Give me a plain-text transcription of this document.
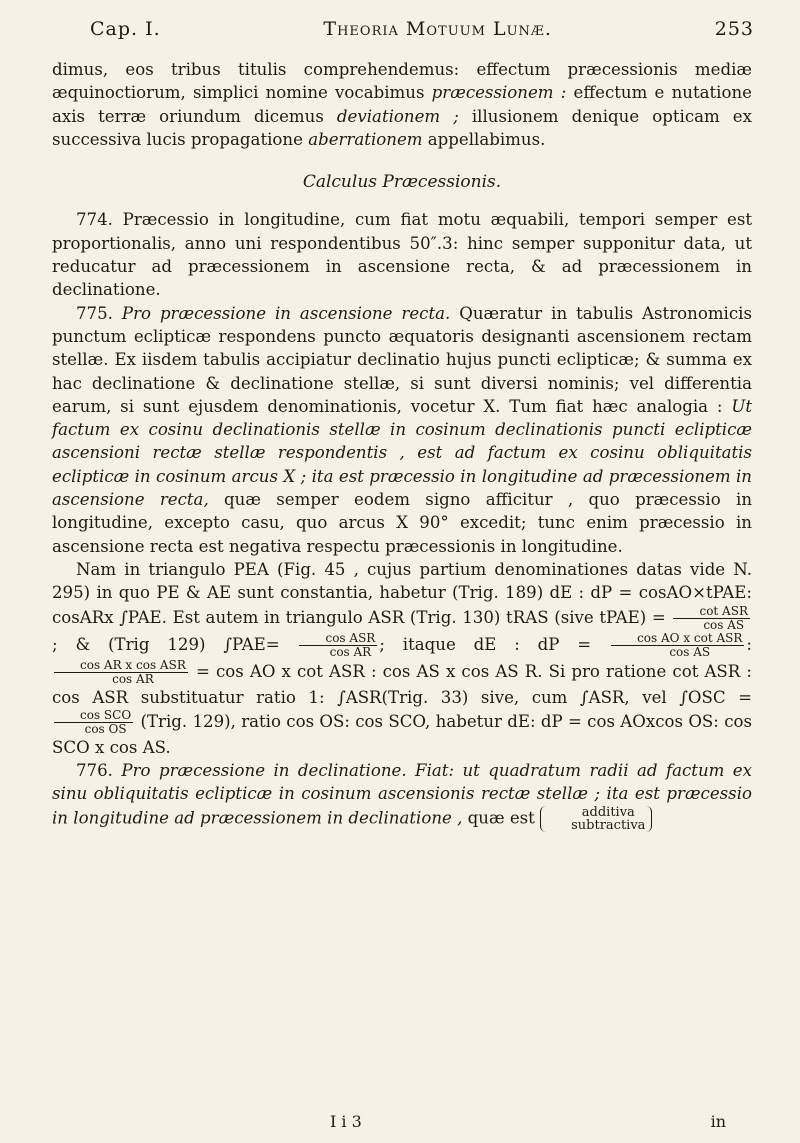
Cap. I.	Theoria Motuum Lunæ.	253

dimus, eos tribus titulis comprehendemus: effectum præcessionis mediæ æquinoctiorum, simplici nomine vocabimus præcessionem : effectum e nutatione axis terræ oriundum dicemus deviationem ; illusionem denique opticam ex successiva lucis propagatione aberrationem appellabimus.

Calculus Præcessionis.

774. Præcessio in longitudine, cum fiat motu æquabili, tempori semper est proportionalis, anno uni respondentibus 50″.3: hinc semper supponitur data, ut reducatur ad præcessionem in ascensione recta, & ad præcessionem in declinatione.

775. Pro præcessione in ascensione recta. Quæratur in tabulis Astronomicis punctum eclipticæ respondens puncto æquatoris designanti ascensionem rectam stellæ. Ex iisdem tabulis accipiatur declinatio hujus puncti eclipticæ; & summa ex hac declinatione & declinatione stellæ, si sunt diversi nominis; vel differentia earum, si sunt ejusdem denominationis, vocetur X. Tum fiat hæc analogia : Ut factum ex cosinu declinationis stellæ in cosinum declinationis puncti eclipticæ ascensioni rectæ stellæ respondentis , est ad factum ex cosinu obliquitatis eclipticæ in cosinum arcus X ; ita est præcessio in longitudine ad præcessionem in ascensione recta, quæ semper eodem signo afficitur , quo præcessio in longitudine, excepto casu, quo arcus X 90° excedit; tunc enim præcessio in ascensione recta est negativa respectu præcessionis in longitudine.

Nam in triangulo PEA (Fig. 45 , cujus partium denominationes datas vide N. 295) in quo PE & AE sunt constantia, habetur (Trig. 189) dE : dP = cosAO×tPAE: cosARx ∫PAE. Est autem in triangulo ASR (Trig. 130) tRAS (sive tPAE) = $\frac{\text{cot ASR}}{\text{cos AS}}$
; & (Trig 129) $\int PAE= \frac{\text{cos ASR}}{\text{cos AR}}$ ; itaque dE : dP = $\frac{\text{cos AO x cot ASR}}{\text{cos AS}}$ :
$\frac{\text{cos AR x cos ASR}}{\text{cos AR}} = \cos$ AO x cot ASR : cos AS x cos AS R. Si pro ratione cot ASR : cos ASR substituatur ratio 1: ∫ASR(Trig. 33) sive, cum ∫ASR, vel ∫OSC =
$\frac{\text{cos SCO}}{\text{cos OS}}$ (Trig. 129), ratio cos OS: cos SCO, habetur dE: dP = cos AOxcos OS: cos SCO x cos AS.

776. Pro præcessione in declinatione. Fiat: ut quadratum radii ad factum ex sinu obliquitatis eclipticæ in cosinum ascensionis rectæ stellæ ; ita est præcessio in longitudine ad præcessionem in declinatione , quæ est	additiva
subtractiva

I i 3	in
